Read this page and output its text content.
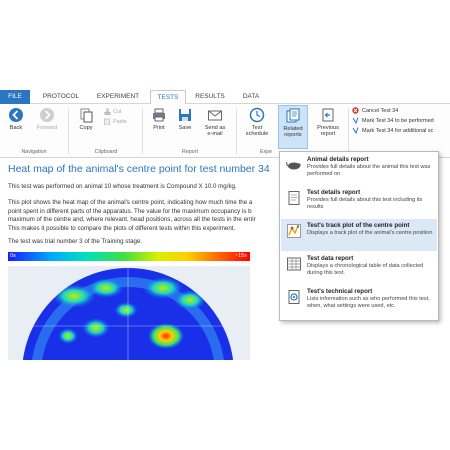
FILE	PROTOCOL	EXPERIMENT	TESTS	RESULTS	DATA
Back	Forward
Navigation
Copy
Cut
Paste
Clipboard
Print	Save	Send as
e-mail
Report
Test
schedule
Expe
Related
reports
Previous
report
Cancel Test 34
Mark Test 34 to be performed
Mark Test 34 for additional sc
Heat map of the animal's centre point for test number 34
This test was performed on animal 10 whose treatment is Compound X 10.0 mg/kg.
This plot shows the heat map of the animal's centre point, indicating how much time the a
point spent in different parts of the apparatus. The value for the maximum occupancy is b
maximum of the centre and, where relevant, head positions, across all the tests in the entir
This makes it possible to compare the plots of different tests within this experiment.
The test was trial number 3 of the Training stage.
0s	~15s
Animal details report
Provides full details about the animal this test was performed on
Test details report
Provides full details about this test including its results
Test's track plot of the centre point
Displays a track plot of the animal's centre position
Test data report
Displays a chronological table of data collected during this test.
Test's technical report
Lists information such as who performed this test, when, what settings were used, etc.
